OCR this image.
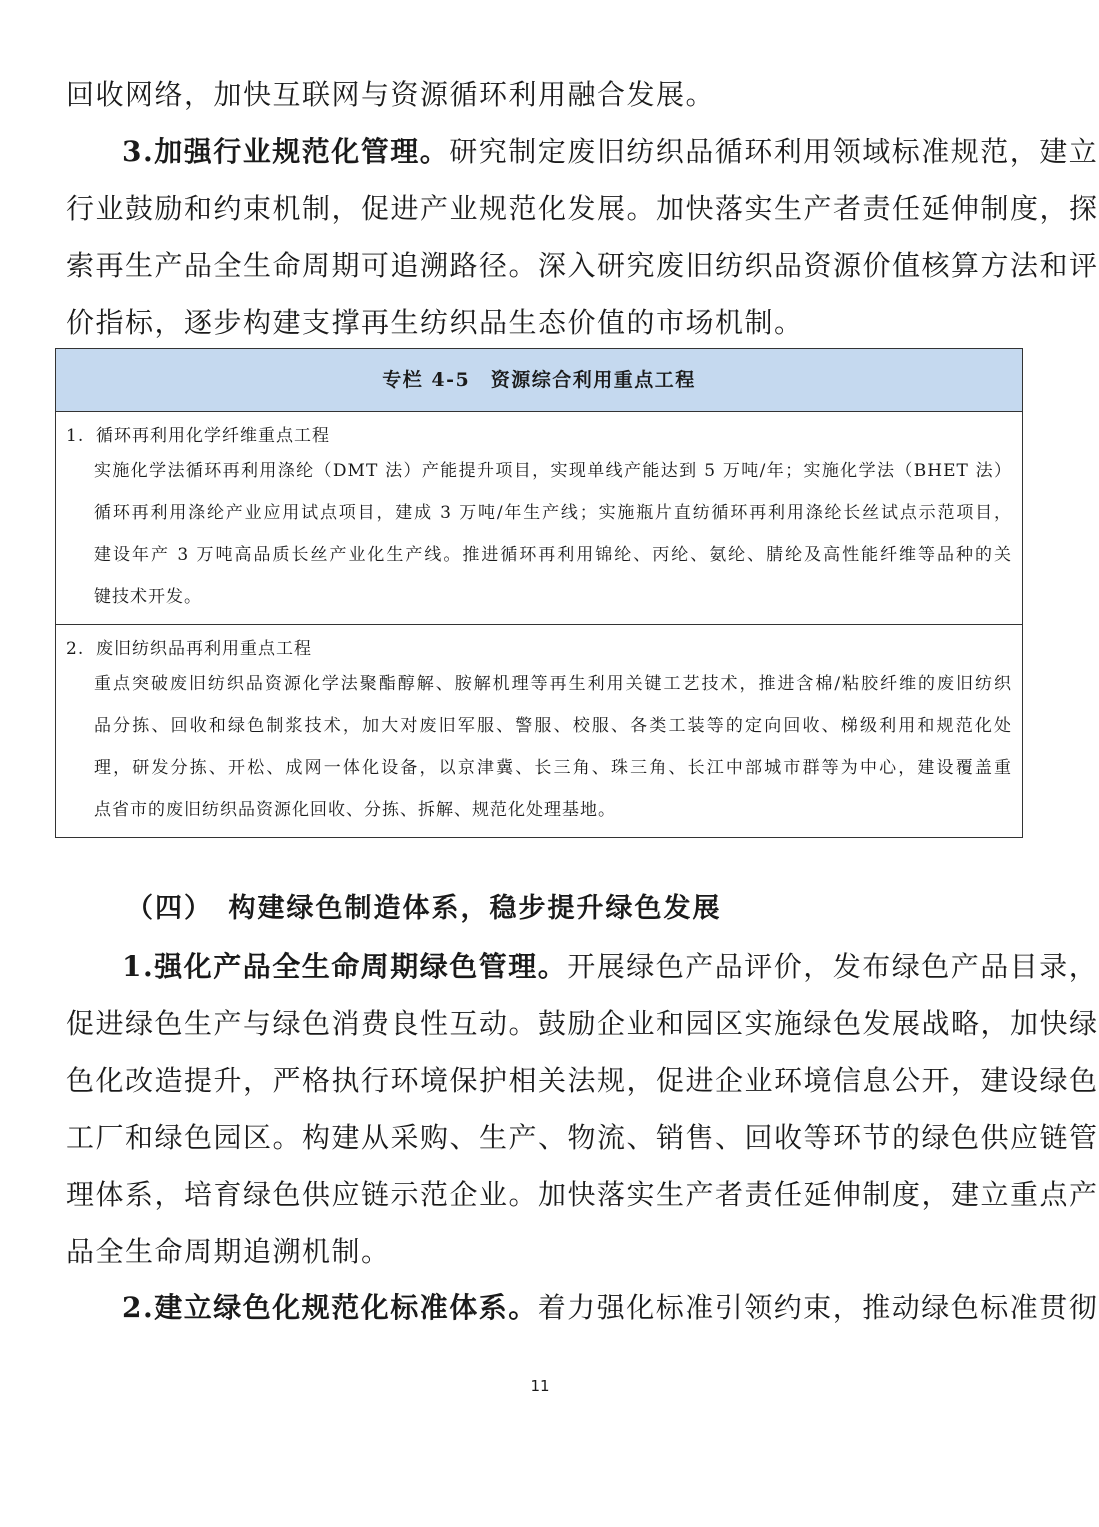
回收网络，加快互联网与资源循环利用融合发展。
3.加强行业规范化管理。研究制定废旧纺织品循环利用领域标准规范，建立
行业鼓励和约束机制，促进产业规范化发展。加快落实生产者责任延伸制度，探
索再生产品全生命周期可追溯路径。深入研究废旧纺织品资源价值核算方法和评
价指标，逐步构建支撑再生纺织品生态价值的市场机制。
专栏 4-5　资源综合利用重点工程
1. 循环再利用化学纤维重点工程
实施化学法循环再利用涤纶（DMT 法）产能提升项目，实现单线产能达到 5 万吨/年；实施化学法（BHET 法）
循环再利用涤纶产业应用试点项目，建成 3 万吨/年生产线；实施瓶片直纺循环再利用涤纶长丝试点示范项目，
建设年产 3 万吨高品质长丝产业化生产线。推进循环再利用锦纶、丙纶、氨纶、腈纶及高性能纤维等品种的关
键技术开发。
2. 废旧纺织品再利用重点工程
重点突破废旧纺织品资源化学法聚酯醇解、胺解机理等再生利用关键工艺技术，推进含棉/粘胶纤维的废旧纺织
品分拣、回收和绿色制浆技术，加大对废旧军服、警服、校服、各类工装等的定向回收、梯级利用和规范化处
理，研发分拣、开松、成网一体化设备，以京津冀、长三角、珠三角、长江中部城市群等为中心，建设覆盖重
点省市的废旧纺织品资源化回收、分拣、拆解、规范化处理基地。
（四）　构建绿色制造体系，稳步提升绿色发展
1.强化产品全生命周期绿色管理。开展绿色产品评价，发布绿色产品目录，
促进绿色生产与绿色消费良性互动。鼓励企业和园区实施绿色发展战略，加快绿
色化改造提升，严格执行环境保护相关法规，促进企业环境信息公开，建设绿色
工厂和绿色园区。构建从采购、生产、物流、销售、回收等环节的绿色供应链管
理体系，培育绿色供应链示范企业。加快落实生产者责任延伸制度，建立重点产
品全生命周期追溯机制。
2.建立绿色化规范化标准体系。着力强化标准引领约束，推动绿色标准贯彻
11
